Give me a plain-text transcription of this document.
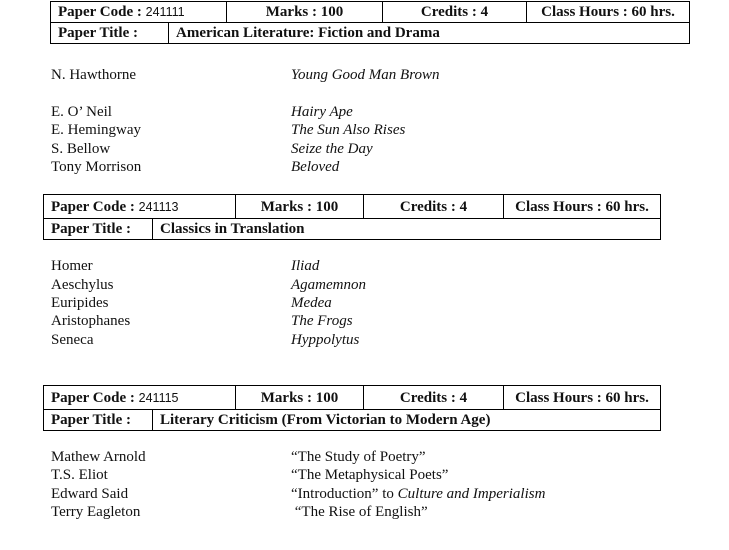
Paper Code : 241111		Marks : 100	Credits : 4	Class Hours : 60 hrs.
Paper Title :	American Literature: Fiction and Drama			
N. Hawthorne	Young Good Man Brown
E. O’ Neil	Hairy Ape
E. Hemingway	The Sun Also Rises
S. Bellow	Seize the Day
Tony Morrison	Beloved
Paper Code : 241113		Marks : 100	Credits : 4	Class Hours : 60 hrs.
Paper Title :	Classics in Translation			
Homer	Iliad
Aeschylus	Agamemnon
Euripides	Medea
Aristophanes	The Frogs
Seneca	Hyppolytus
Paper Code : 241115		Marks : 100	Credits : 4	Class Hours : 60 hrs.
Paper Title :	Literary Criticism (From Victorian to Modern Age)			
Mathew Arnold	“The Study of Poetry”
T.S. Eliot	“The Metaphysical Poets”
Edward Said	“Introduction” to Culture and Imperialism
Terry Eagleton	“The Rise of English”
